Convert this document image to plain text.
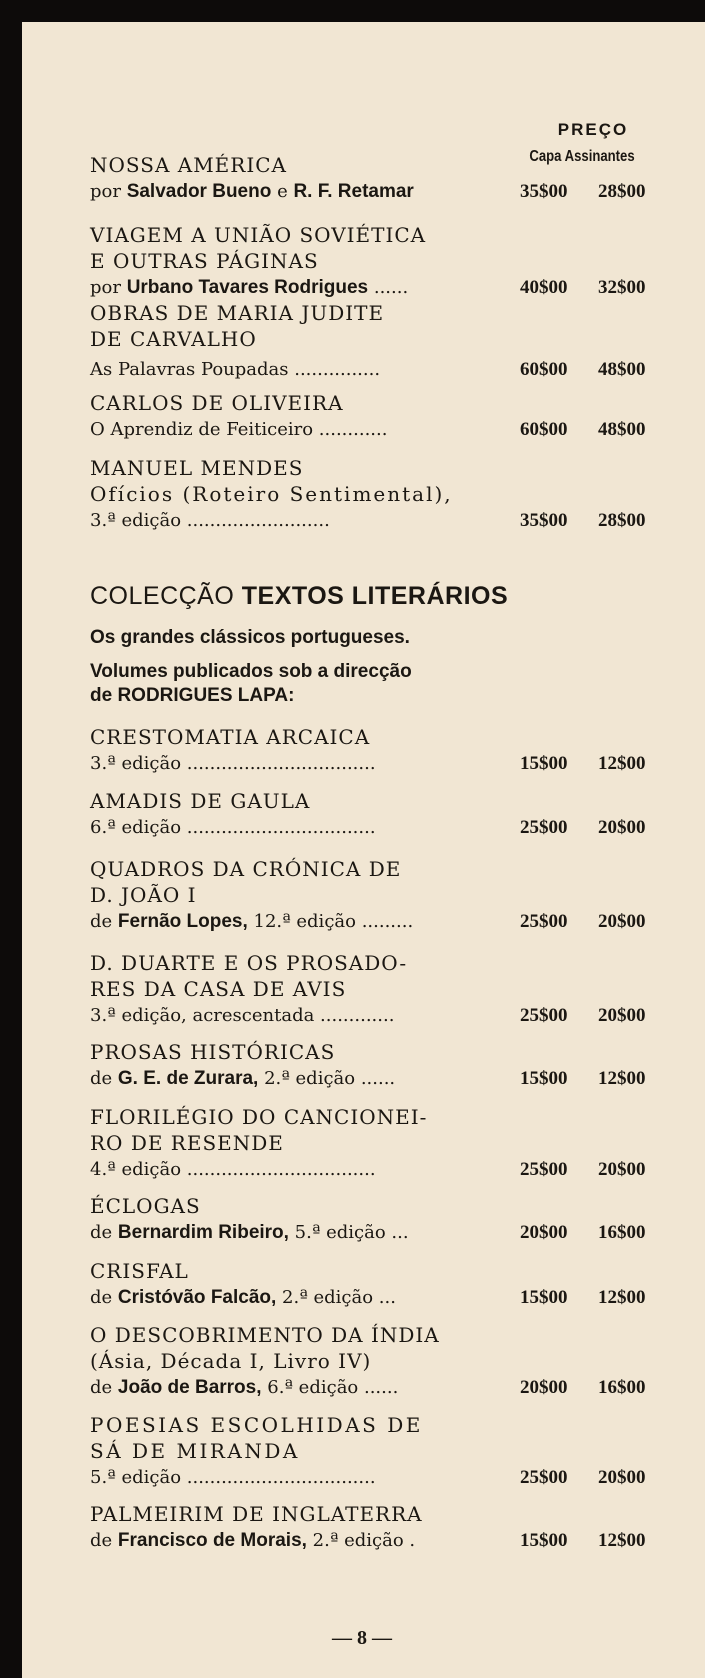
PREÇO
Capa Assinantes
NOSSA AMÉRICA
por Salvador Bueno e R. F. Retamar	35$00 28$00
VIAGEM A UNIÃO SOVIÉTICA
E OUTRAS PÁGINAS
por Urbano Tavares Rodrigues ......	40$00 32$00
OBRAS DE MARIA JUDITE
DE CARVALHO
As Palavras Poupadas ...............	60$00 48$00
CARLOS DE OLIVEIRA
O Aprendiz de Feiticeiro ............	60$00 48$00
MANUEL MENDES
Ofícios (Roteiro Sentimental),
3.ª edição .........................	35$00 28$00
COLECÇÃO TEXTOS LITERÁRIOS
Os grandes clássicos portugueses.
Volumes publicados sob a direcção
de RODRIGUES LAPA:
CRESTOMATIA ARCAICA
3.ª edição .................................	15$00 12$00
AMADIS DE GAULA
6.ª edição .................................	25$00 20$00
QUADROS DA CRÓNICA DE
D. JOÃO I
de Fernão Lopes, 12.ª edição .........	25$00 20$00
D. DUARTE E OS PROSADO-
RES DA CASA DE AVIS
3.ª edição, acrescentada .............	25$00 20$00
PROSAS HISTÓRICAS
de G. E. de Zurara, 2.ª edição ......	15$00 12$00
FLORILÉGIO DO CANCIONEI-
RO DE RESENDE
4.ª edição .................................	25$00 20$00
ÉCLOGAS
de Bernardim Ribeiro, 5.ª edição ...	20$00 16$00
CRISFAL
de Cristóvão Falcão, 2.ª edição ...	15$00 12$00
O DESCOBRIMENTO DA ÍNDIA
(Ásia, Década I, Livro IV)
de João de Barros, 6.ª edição ......	20$00 16$00
POESIAS ESCOLHIDAS DE
SÁ DE MIRANDA
5.ª edição .................................	25$00 20$00
PALMEIRIM DE INGLATERRA
de Francisco de Morais, 2.ª edição .	15$00 12$00
— 8 —
